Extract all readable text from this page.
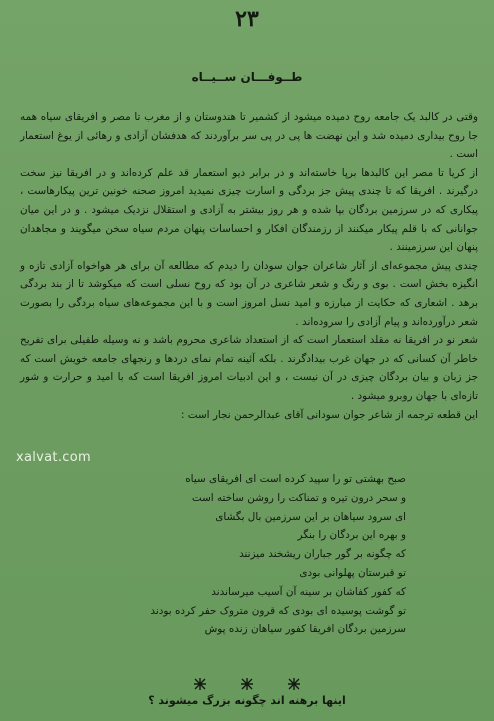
۲۳
طــوفـــان ســیــاه

وقتی در کالبد یک جامعه روح دمیده میشود از کشمیر تا هندوستان و از مغرب تا مصر و افریقای سیاه همه جا روح بیداری دمیده شد و این نهضت ها پی در پی سر برآوردند که هدفشان آزادی و رهائی از یوغ استعمار است .

از کریا تا مصر این کالبدها برپا خاسته‌اند و در برابر دیو استعمار قد علم کرده‌اند و در افریقا نیز سخت درگیرند . افریقا که تا چندی پیش جز بردگی و اسارت چیزی نمیدید امروز صحنه خونین ترین پیکارهاست ، پیکاری که در سرزمین بردگان بپا شده و هر روز بیشتر به آزادی و استقلال نزدیک میشود . و در این میان جوانانی که با قلم پیکار میکنند از رزمندگان افکار و احساسات پنهان مردم سیاه سخن میگویند و مجاهدان پنهان این سرزمینند .

چندی پیش مجموعه‌ای از آثار شاعران جوان سودان را دیدم که مطالعه آن برای هر هواخواه آزادی تازه و انگیزه بخش است . بوی و رنگ و شعر شاعری در آن بود که روح نسلی است که میکوشد تا از بند بردگی برهد . اشعاری که حکایت از مبارزه و امید نسل امروز است و با این مجموعه‌های سیاه بردگی را بصورت شعر درآورده‌اند و پیام آزادی را سروده‌اند .

شعر نو در افریقا نه مقلد استعمار است که از استعداد شاعری محروم باشد و نه وسیله طفیلی برای تفریح خاطر آن کسانی که در جهان غرب بیدادگرند . بلکه آئینه تمام نمای دردها و رنجهای جامعه خویش است که جز زبان و بیان بردگان چیزی در آن نیست ، و این ادبیات امروز افریقا است که با امید و حرارت و شور تازه‌ای با جهان روبرو میشود .

این قطعه ترجمه از شاعر جوان سودانی آقای عبدالرحمن نجار است :

xalvat.com
صبح بهشتی تو را سپید کرده است ای افریقای سیاه
و سحر درون تیره و تمناکت را روشن ساخته است
ای سرود سیاهان بر این سرزمین بال بگشای
و بهره این بردگان را بنگر
که چگونه بر گور جباران ریشخند میزنند
تو قبرستان پهلوانی بودی
که کفور کفاشان بر سینه آن آسیب میرساندند
تو گوشت پوسیده ای بودی که قرون متروک حفر کرده بودند
سرزمین بردگان افریقا کفور سیاهان زنده پوش

اینها برهنه اند چگونه بزرگ میشوند ؟
